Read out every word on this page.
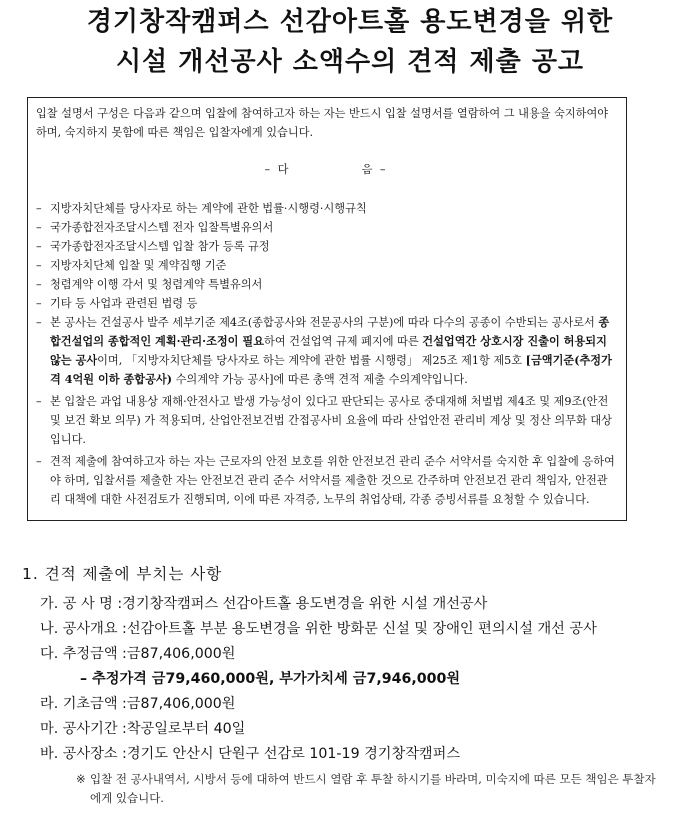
경기창작캠퍼스 선감아트홀 용도변경을 위한

시설 개선공사 소액수의 견적 제출 공고

입찰 설명서 구성은 다음과 같으며 입찰에 참여하고자 하는 자는 반드시 입찰 설명서를 열람하여 그 내용을 숙지하여야 하며, 숙지하지 못함에 따른 책임은 입찰자에게 있습니다.

– 다	음 –

– 지방자치단체를 당사자로 하는 계약에 관한 법률·시행령·시행규칙

– 국가종합전자조달시스템 전자 입찰특별유의서

– 국가종합전자조달시스템 입찰 참가 등록 규정

– 지방자치단체 입찰 및 계약집행 기준

– 청렴계약 이행 각서 및 청렴계약 특별유의서

– 기타 등 사업과 관련된 법령 등

– 본 공사는 건설공사 발주 세부기준 제4조(종합공사와 전문공사의 구분)에 따라 다수의 공종이 수반되는 공사로서 종합건설업의 종합적인 계획·관리·조정이 필요하여 건설업역 규제 폐지에 따른 건설업역간 상호시장 진출이 허용되지 않는 공사이며, 「지방자치단체를 당사자로 하는 계약에 관한 법률 시행령」 제25조 제1항 제5호 [금액기준(추정가격 4억원 이하 종합공사) 수의계약 가능 공사]에 따른 총액 견적 제출 수의계약입니다.

– 본 입찰은 과업 내용상 재해·안전사고 발생 가능성이 있다고 판단되는 공사로 중대재해 처벌법 제4조 및 제9조(안전 및 보건 확보 의무) 가 적용되며, 산업안전보건법 간접공사비 요율에 따라 산업안전 관리비 계상 및 정산 의무화 대상입니다.

– 견적 제출에 참여하고자 하는 자는 근로자의 안전 보호를 위한 안전보건 관리 준수 서약서를 숙지한 후 입찰에 응하여야 하며, 입찰서를 제출한 자는 안전보건 관리 준수 서약서를 제출한 것으로 간주하며 안전보건 관리 책임자, 안전관리 대책에 대한 사전검토가 진행되며, 이에 따른 자격증, 노무의 취업상태, 각종 증빙서류를 요청할 수 있습니다.

1. 견적 제출에 부치는 사항

가. 공 사 명 :경기창작캠퍼스 선감아트홀 용도변경을 위한 시설 개선공사
나. 공사개요 :선감아트홀 부분 용도변경을 위한 방화문 신설 및 장애인 편의시설 개선 공사
다. 추정금액 :금87,406,000원
– 추정가격 금79,460,000원, 부가가치세 금7,946,000원
라. 기초금액 :금87,406,000원
마. 공사기간 :착공일로부터 40일
바. 공사장소 :경기도 안산시 단원구 선감로 101-19 경기창작캠퍼스
※ 입찰 전 공사내역서, 시방서 등에 대하여 반드시 열람 후 투찰 하시기를 바라며, 미숙지에 따른 모든 책임은 투찰자에게 있습니다.
